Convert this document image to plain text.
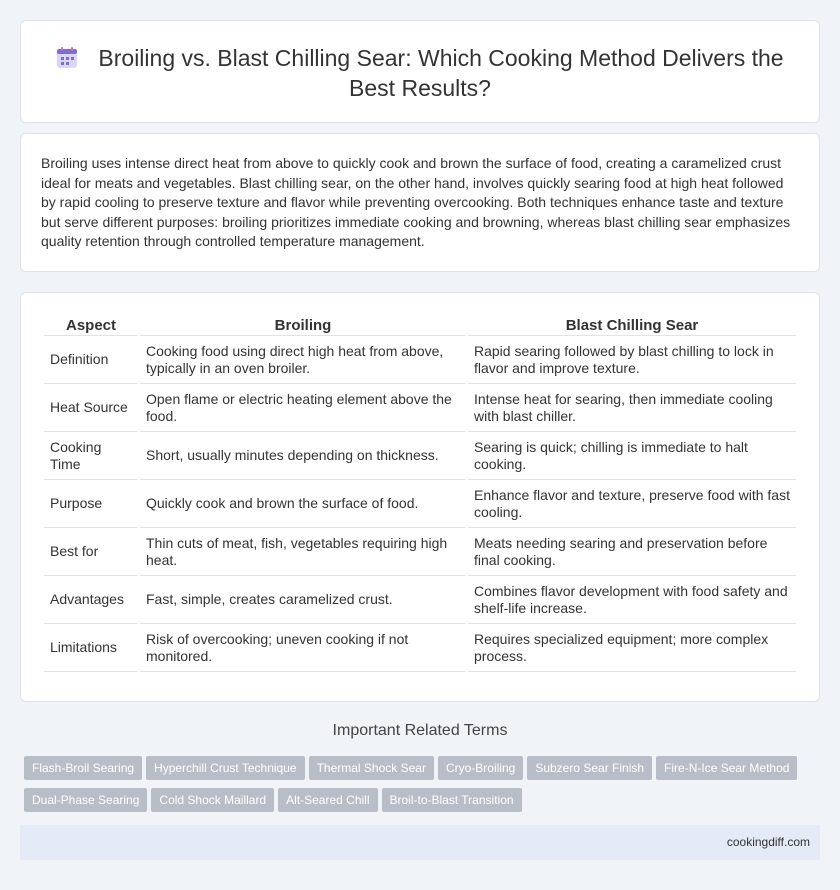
Broiling vs. Blast Chilling Sear: Which Cooking Method Delivers the Best Results?

Broiling uses intense direct heat from above to quickly cook and brown the surface of food, creating a caramelized crust ideal for meats and vegetables. Blast chilling sear, on the other hand, involves quickly searing food at high heat followed by rapid cooling to preserve texture and flavor while preventing overcooking. Both techniques enhance taste and texture but serve different purposes: broiling prioritizes immediate cooking and browning, whereas blast chilling sear emphasizes quality retention through controlled temperature management.

Aspect	Broiling	Blast Chilling Sear
Definition	Cooking food using direct high heat from above, typically in an oven broiler.	Rapid searing followed by blast chilling to lock in flavor and improve texture.
Heat Source	Open flame or electric heating element above the food.	Intense heat for searing, then immediate cooling with blast chiller.
Cooking Time	Short, usually minutes depending on thickness.	Searing is quick; chilling is immediate to halt cooking.
Purpose	Quickly cook and brown the surface of food.	Enhance flavor and texture, preserve food with fast cooling.
Best for	Thin cuts of meat, fish, vegetables requiring high heat.	Meats needing searing and preservation before final cooking.
Advantages	Fast, simple, creates caramelized crust.	Combines flavor development with food safety and shelf-life increase.
Limitations	Risk of overcooking; uneven cooking if not monitored.	Requires specialized equipment; more complex process.
Important Related Terms
Flash-Broil Searing Hyperchill Crust Technique Thermal Shock Sear Cryo-Broiling Subzero Sear Finish Fire-N-Ice Sear Method
Dual-Phase Searing Cold Shock Maillard Alt-Seared Chill Broil-to-Blast Transition
cookingdiff.com
